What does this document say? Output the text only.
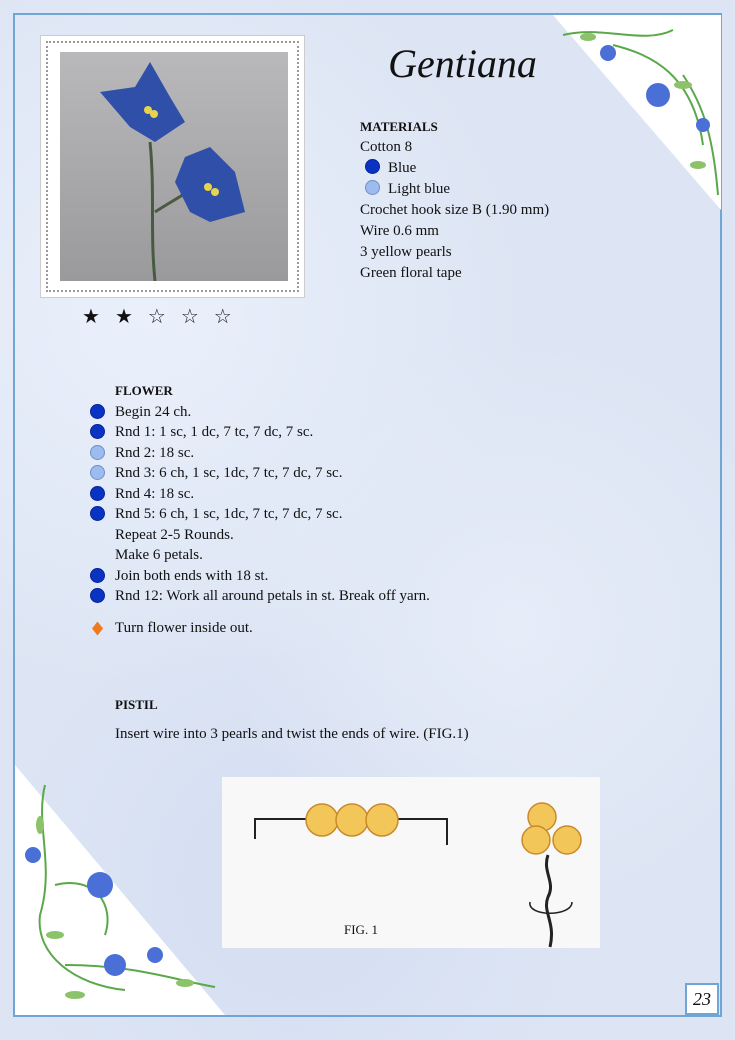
★ ★ ☆ ☆ ☆
Gentiana
MATERIALS
Cotton 8
Blue
Light blue
Crochet hook size B (1.90 mm)
Wire 0.6 mm
3 yellow pearls
Green floral tape
FLOWER
Begin 24 ch.
Rnd 1: 1 sc, 1 dc, 7 tc, 7 dc, 7 sc.
Rnd 2: 18 sc.
Rnd 3: 6 ch, 1 sc, 1dc, 7 tc, 7 dc, 7 sc.
Rnd 4: 18 sc.
Rnd 5: 6 ch, 1 sc, 1dc, 7 tc, 7 dc, 7 sc.
Repeat 2-5 Rounds.
Make 6 petals.
Join both ends with 18 st.
Rnd 12: Work all around petals in st. Break off yarn.
Turn flower inside out.
PISTIL
Insert wire into 3 pearls and twist the ends of wire. (FIG.1)
FIG. 1
23
